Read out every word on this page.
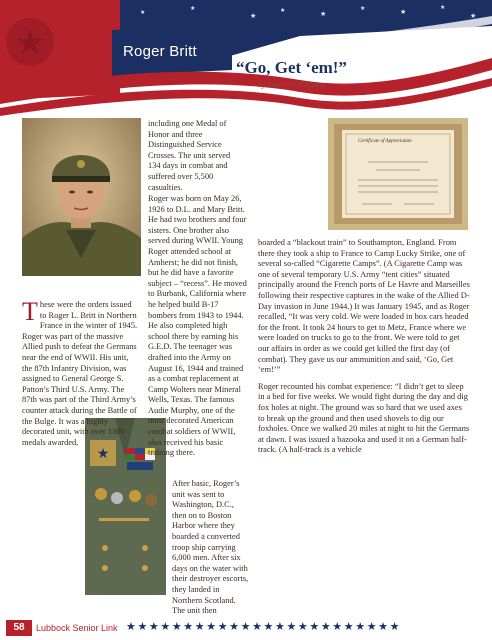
★
★	★
★	★
★
★
★
★
★	Roger Britt
“Go, Get ‘em!”
by Larry A. Williams
Certificate of Appreciation
★

including one Medal of Honor and three Distinguished Service Crosses. The unit served 134 days in combat and suffered over 5,500 casualties.

These were the orders issued to Roger L. Britt in Northern France in the winter of 1945. Roger was part of the massive Allied push to defeat the Germans near the end of WWII. His unit, the 87th Infantry Division, was assigned to General George S. Patton’s Third U.S. Army. The 87th was part of the Third Army’s counter attack during the Battle of the Bulge. It was a highly decorated unit, with over 1300 medals awarded,

Roger was born on May 26, 1926 to D.L. and Mary Britt. He had two brothers and four sisters. One brother also served during WWII. Young Roger attended school at Amherst; he did not finish, but he did have a favorite subject – “recess”. He moved to Burbank, California where he helped build B-17 bombers from 1943 to 1944. He also completed high school there by earning his G.E.D. The teenager was drafted into the Army on August 16, 1944 and trained as a combat replacement at Camp Wolters near Mineral Wells, Texas. The famous Audie Murphy, one of the most decorated American combat soldiers of WWII, also received his basic training there.

After basic, Roger’s unit was sent to Washington, D.C., then on to Boston Harbor where they boarded a converted troop ship carrying 6,000 men. After six days on the water with their destroyer escorts, they landed in Northern Scotland. The unit then

boarded a “blackout train” to Southampton, England. From there they took a ship to France to Camp Lucky Strike, one of several so-called “Cigarette Camps”. (A Cigarette Camp was one of several temporary U.S. Army “tent cities” situated principally around the French ports of Le Havre and Marseilles following their respective captures in the wake of the Allied D-Day invasion in June 1944.) It was January 1945, and as Roger recalled, “It was very cold. We were loaded in box cars headed for the front. It took 24 hours to get to Metz, France where we were loaded on trucks to go to the front. We were told to get our affairs in order as we could get killed the first day (of combat). They gave us our ammunition and said, ‘Go, Get ‘em!’”

Roger recounted his combat experience: “I didn’t get to sleep in a bed for five weeks. We would fight during the day and dig fox holes at night. The ground was so hard that we used axes to break up the ground and then used shovels to dig our foxholes. Once we walked 20 miles at night to hit the Germans at dawn. I was issued a bazooka and used it on a German half-track. (A half-track is a vehicle

58	Lubbock Senior Link ★★★★★★★★★★★★★★★★★★★★★★★★
